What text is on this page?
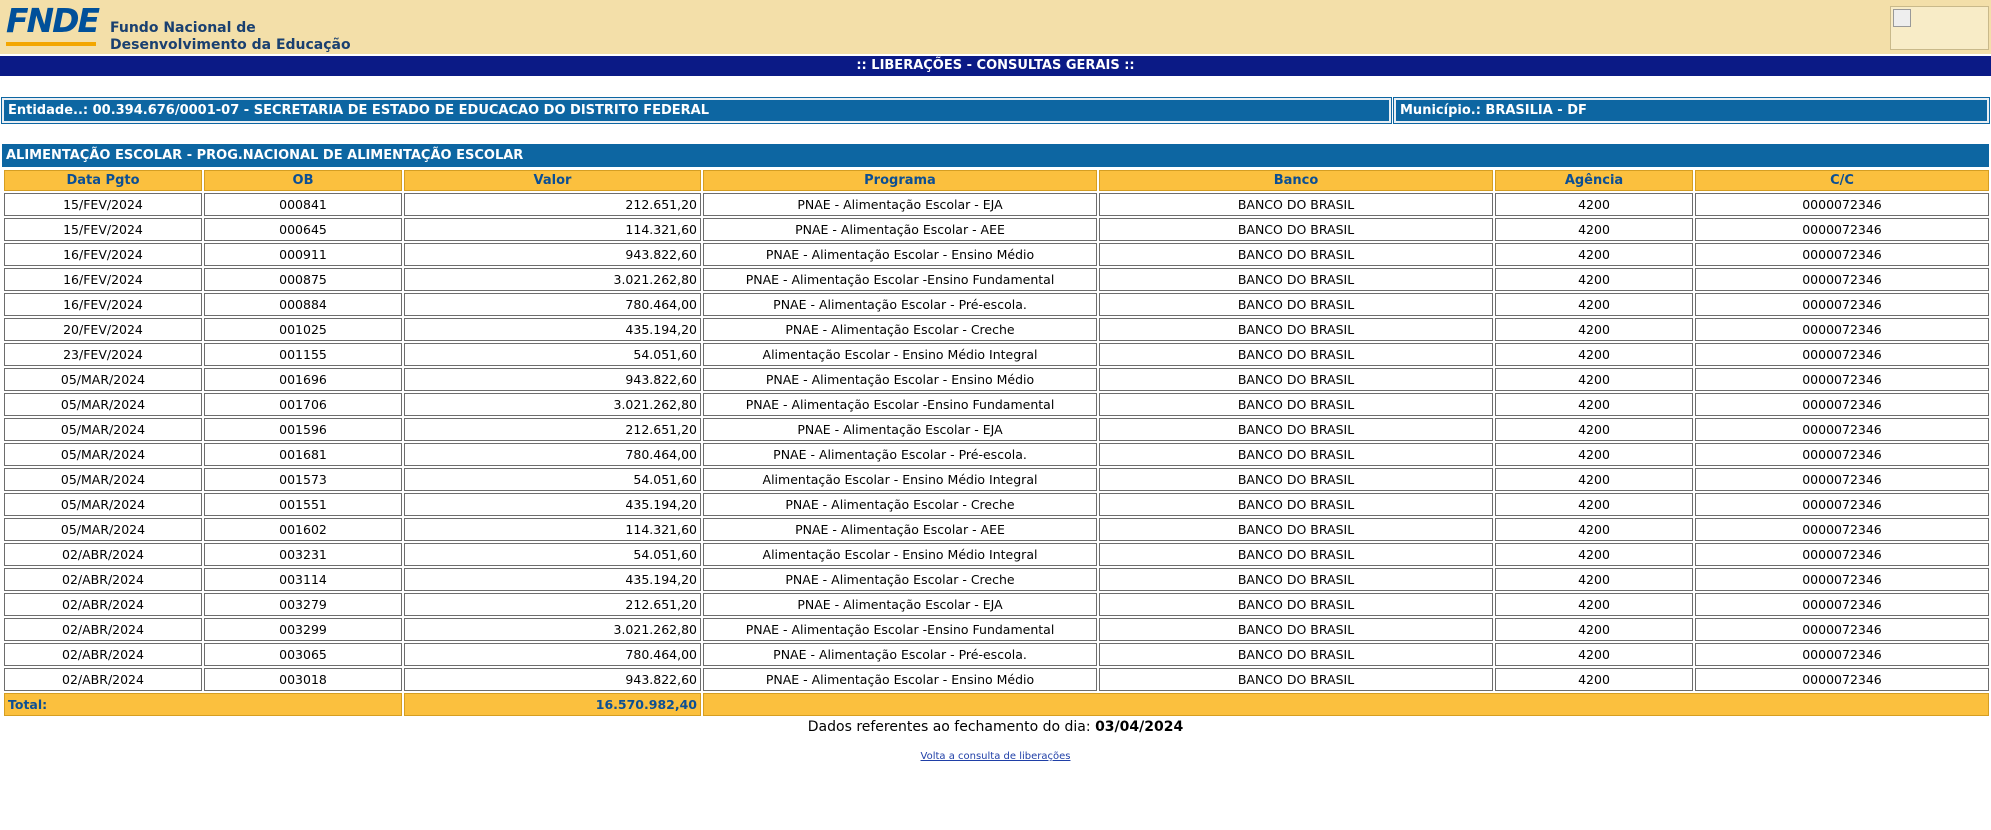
FNDE Fundo Nacional de
Desenvolvimento da Educação
:: LIBERAÇÕES - CONSULTAS GERAIS ::
Entidade..: 00.394.676/0001-07 - SECRETARIA DE ESTADO DE EDUCACAO DO DISTRITO FEDERAL	Município.: BRASILIA - DF
ALIMENTAÇÃO ESCOLAR - PROG.NACIONAL DE ALIMENTAÇÃO ESCOLAR
Data Pgto	OB	Valor	Programa	Banco	Agência	C/C
15/FEV/2024	000841	212.651,20	PNAE - Alimentação Escolar - EJA	BANCO DO BRASIL	4200	0000072346
15/FEV/2024	000645	114.321,60	PNAE - Alimentação Escolar - AEE	BANCO DO BRASIL	4200	0000072346
16/FEV/2024	000911	943.822,60	PNAE - Alimentação Escolar - Ensino Médio	BANCO DO BRASIL	4200	0000072346
16/FEV/2024	000875	3.021.262,80	PNAE - Alimentação Escolar -Ensino Fundamental	BANCO DO BRASIL	4200	0000072346
16/FEV/2024	000884	780.464,00	PNAE - Alimentação Escolar - Pré-escola.	BANCO DO BRASIL	4200	0000072346
20/FEV/2024	001025	435.194,20	PNAE - Alimentação Escolar - Creche	BANCO DO BRASIL	4200	0000072346
23/FEV/2024	001155	54.051,60	Alimentação Escolar - Ensino Médio Integral	BANCO DO BRASIL	4200	0000072346
05/MAR/2024	001696	943.822,60	PNAE - Alimentação Escolar - Ensino Médio	BANCO DO BRASIL	4200	0000072346
05/MAR/2024	001706	3.021.262,80	PNAE - Alimentação Escolar -Ensino Fundamental	BANCO DO BRASIL	4200	0000072346
05/MAR/2024	001596	212.651,20	PNAE - Alimentação Escolar - EJA	BANCO DO BRASIL	4200	0000072346
05/MAR/2024	001681	780.464,00	PNAE - Alimentação Escolar - Pré-escola.	BANCO DO BRASIL	4200	0000072346
05/MAR/2024	001573	54.051,60	Alimentação Escolar - Ensino Médio Integral	BANCO DO BRASIL	4200	0000072346
05/MAR/2024	001551	435.194,20	PNAE - Alimentação Escolar - Creche	BANCO DO BRASIL	4200	0000072346
05/MAR/2024	001602	114.321,60	PNAE - Alimentação Escolar - AEE	BANCO DO BRASIL	4200	0000072346
02/ABR/2024	003231	54.051,60	Alimentação Escolar - Ensino Médio Integral	BANCO DO BRASIL	4200	0000072346
02/ABR/2024	003114	435.194,20	PNAE - Alimentação Escolar - Creche	BANCO DO BRASIL	4200	0000072346
02/ABR/2024	003279	212.651,20	PNAE - Alimentação Escolar - EJA	BANCO DO BRASIL	4200	0000072346
02/ABR/2024	003299	3.021.262,80	PNAE - Alimentação Escolar -Ensino Fundamental	BANCO DO BRASIL	4200	0000072346
02/ABR/2024	003065	780.464,00	PNAE - Alimentação Escolar - Pré-escola.	BANCO DO BRASIL	4200	0000072346
02/ABR/2024	003018	943.822,60	PNAE - Alimentação Escolar - Ensino Médio	BANCO DO BRASIL	4200	0000072346
Total:		16.570.982,40				
Dados referentes ao fechamento do dia: 03/04/2024
Volta a consulta de liberações
